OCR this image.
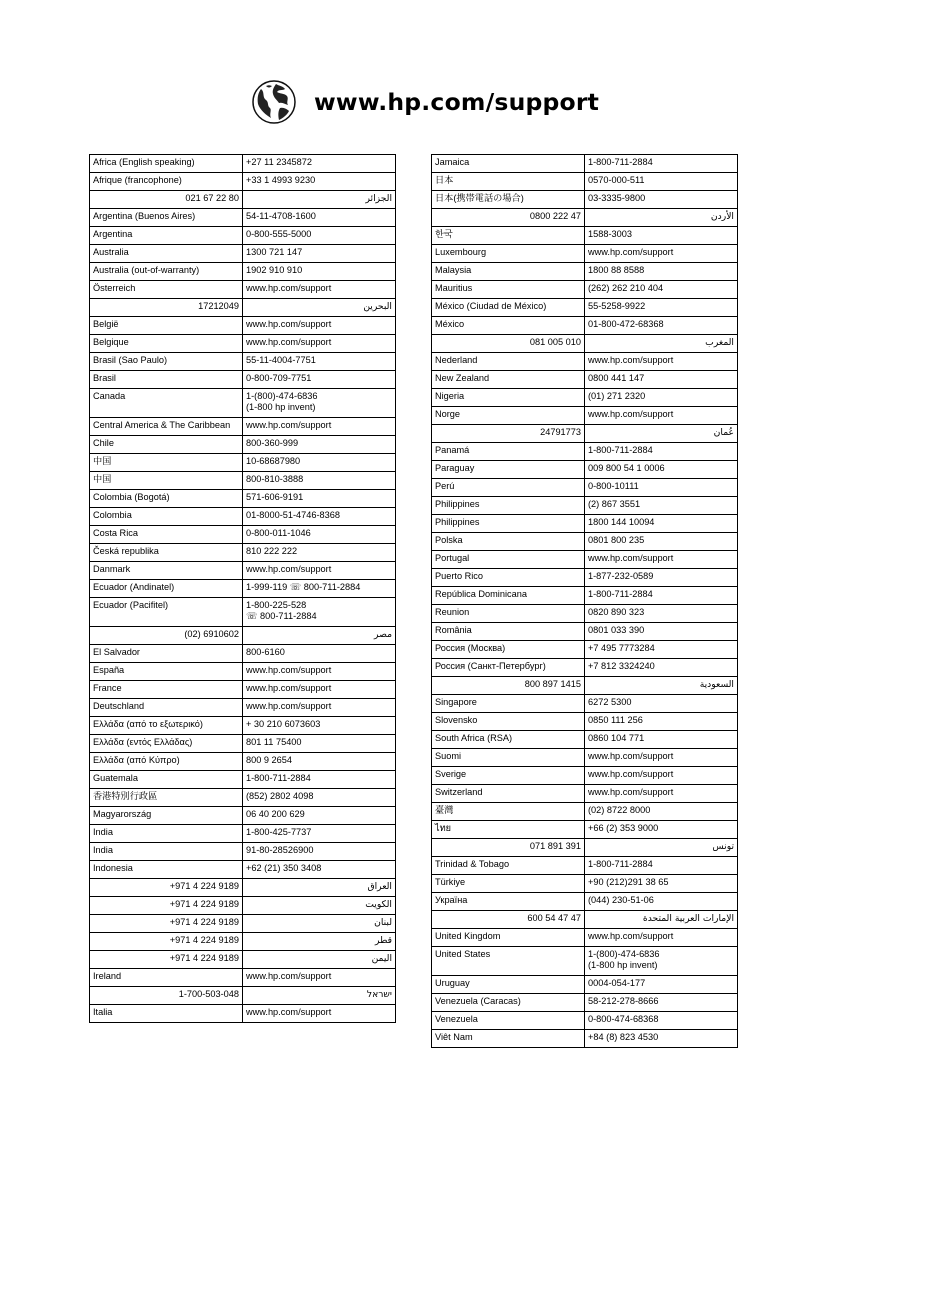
www.hp.com/support
Africa (English speaking)	+27 11 2345872

Afrique (francophone)	+33 1 4993 9230

021 67 22 80	الجزائر
Argentina (Buenos Aires)	54-11-4708-1600

Argentina	0-800-555-5000

Australia	1300 721 147

Australia (out-of-warranty)	1902 910 910

Österreich	www.hp.com/support

17212049	البحرين
België	www.hp.com/support

Belgique	www.hp.com/support

Brasil (Sao Paulo)	55-11-4004-7751

Brasil	0-800-709-7751

Canada	1-(800)-474-6836
(1-800 hp invent)

Central America & The Caribbean	www.hp.com/support

Chile	800-360-999

中国	10-68687980

中国	800-810-3888

Colombia (Bogotá)	571-606-9191

Colombia	01-8000-51-4746-8368

Costa Rica	0-800-011-1046

Česká republika	810 222 222

Danmark	www.hp.com/support

Ecuador (Andinatel)	1-999-119 ☏ 800-711-2884

Ecuador (Pacifitel)	1-800-225-528
☏ 800-711-2884

(02) 6910602	مصر
El Salvador	800-6160

España	www.hp.com/support

France	www.hp.com/support

Deutschland	www.hp.com/support

Ελλάδα (από το εξωτερικό)	+ 30 210 6073603

Ελλάδα (εντός Ελλάδας)	801 11 75400

Ελλάδα (από Κύπρο)	800 9 2654

Guatemala	1-800-711-2884

香港特別行政區	(852) 2802 4098

Magyarország	06 40 200 629

India	1-800-425-7737

India	91-80-28526900

Indonesia	+62 (21) 350 3408

+971 4 224 9189	العراق
+971 4 224 9189	الكويت
+971 4 224 9189	لبنان
+971 4 224 9189	قطر
+971 4 224 9189	اليمن
Ireland	www.hp.com/support

1-700-503-048	ישראל
Italia	www.hp.com/support
Jamaica	1-800-711-2884

日本	0570-000-511

日本(携帯電話の場合)	03-3335-9800

0800 222 47	الأردن
한국	1588-3003

Luxembourg	www.hp.com/support

Malaysia	1800 88 8588

Mauritius	(262) 262 210 404

México (Ciudad de México)	55-5258-9922

México	01-800-472-68368

081 005 010	المغرب
Nederland	www.hp.com/support

New Zealand	0800 441 147

Nigeria	(01) 271 2320

Norge	www.hp.com/support

24791773	عُمان
Panamá	1-800-711-2884

Paraguay	009 800 54 1 0006

Perú	0-800-10111

Philippines	(2) 867 3551

Philippines	1800 144 10094

Polska	0801 800 235

Portugal	www.hp.com/support

Puerto Rico	1-877-232-0589

República Dominicana	1-800-711-2884

Reunion	0820 890 323

România	0801 033 390

Россия (Москва)	+7 495 7773284

Россия (Санкт-Петербург)	+7 812 3324240

800 897 1415	السعودية
Singapore	6272 5300

Slovensko	0850 111 256

South Africa (RSA)	0860 104 771

Suomi	www.hp.com/support

Sverige	www.hp.com/support

Switzerland	www.hp.com/support

臺灣	(02) 8722 8000

ไทย	+66 (2) 353 9000

071 891 391	تونس
Trinidad & Tobago	1-800-711-2884

Türkiye	+90 (212)291 38 65

Україна	(044) 230-51-06

600 54 47 47	الإمارات العربية المتحدة
United Kingdom	www.hp.com/support

United States	1-(800)-474-6836
(1-800 hp invent)

Uruguay	0004-054-177

Venezuela (Caracas)	58-212-278-8666

Venezuela	0-800-474-68368

Viêt Nam	+84 (8) 823 4530
